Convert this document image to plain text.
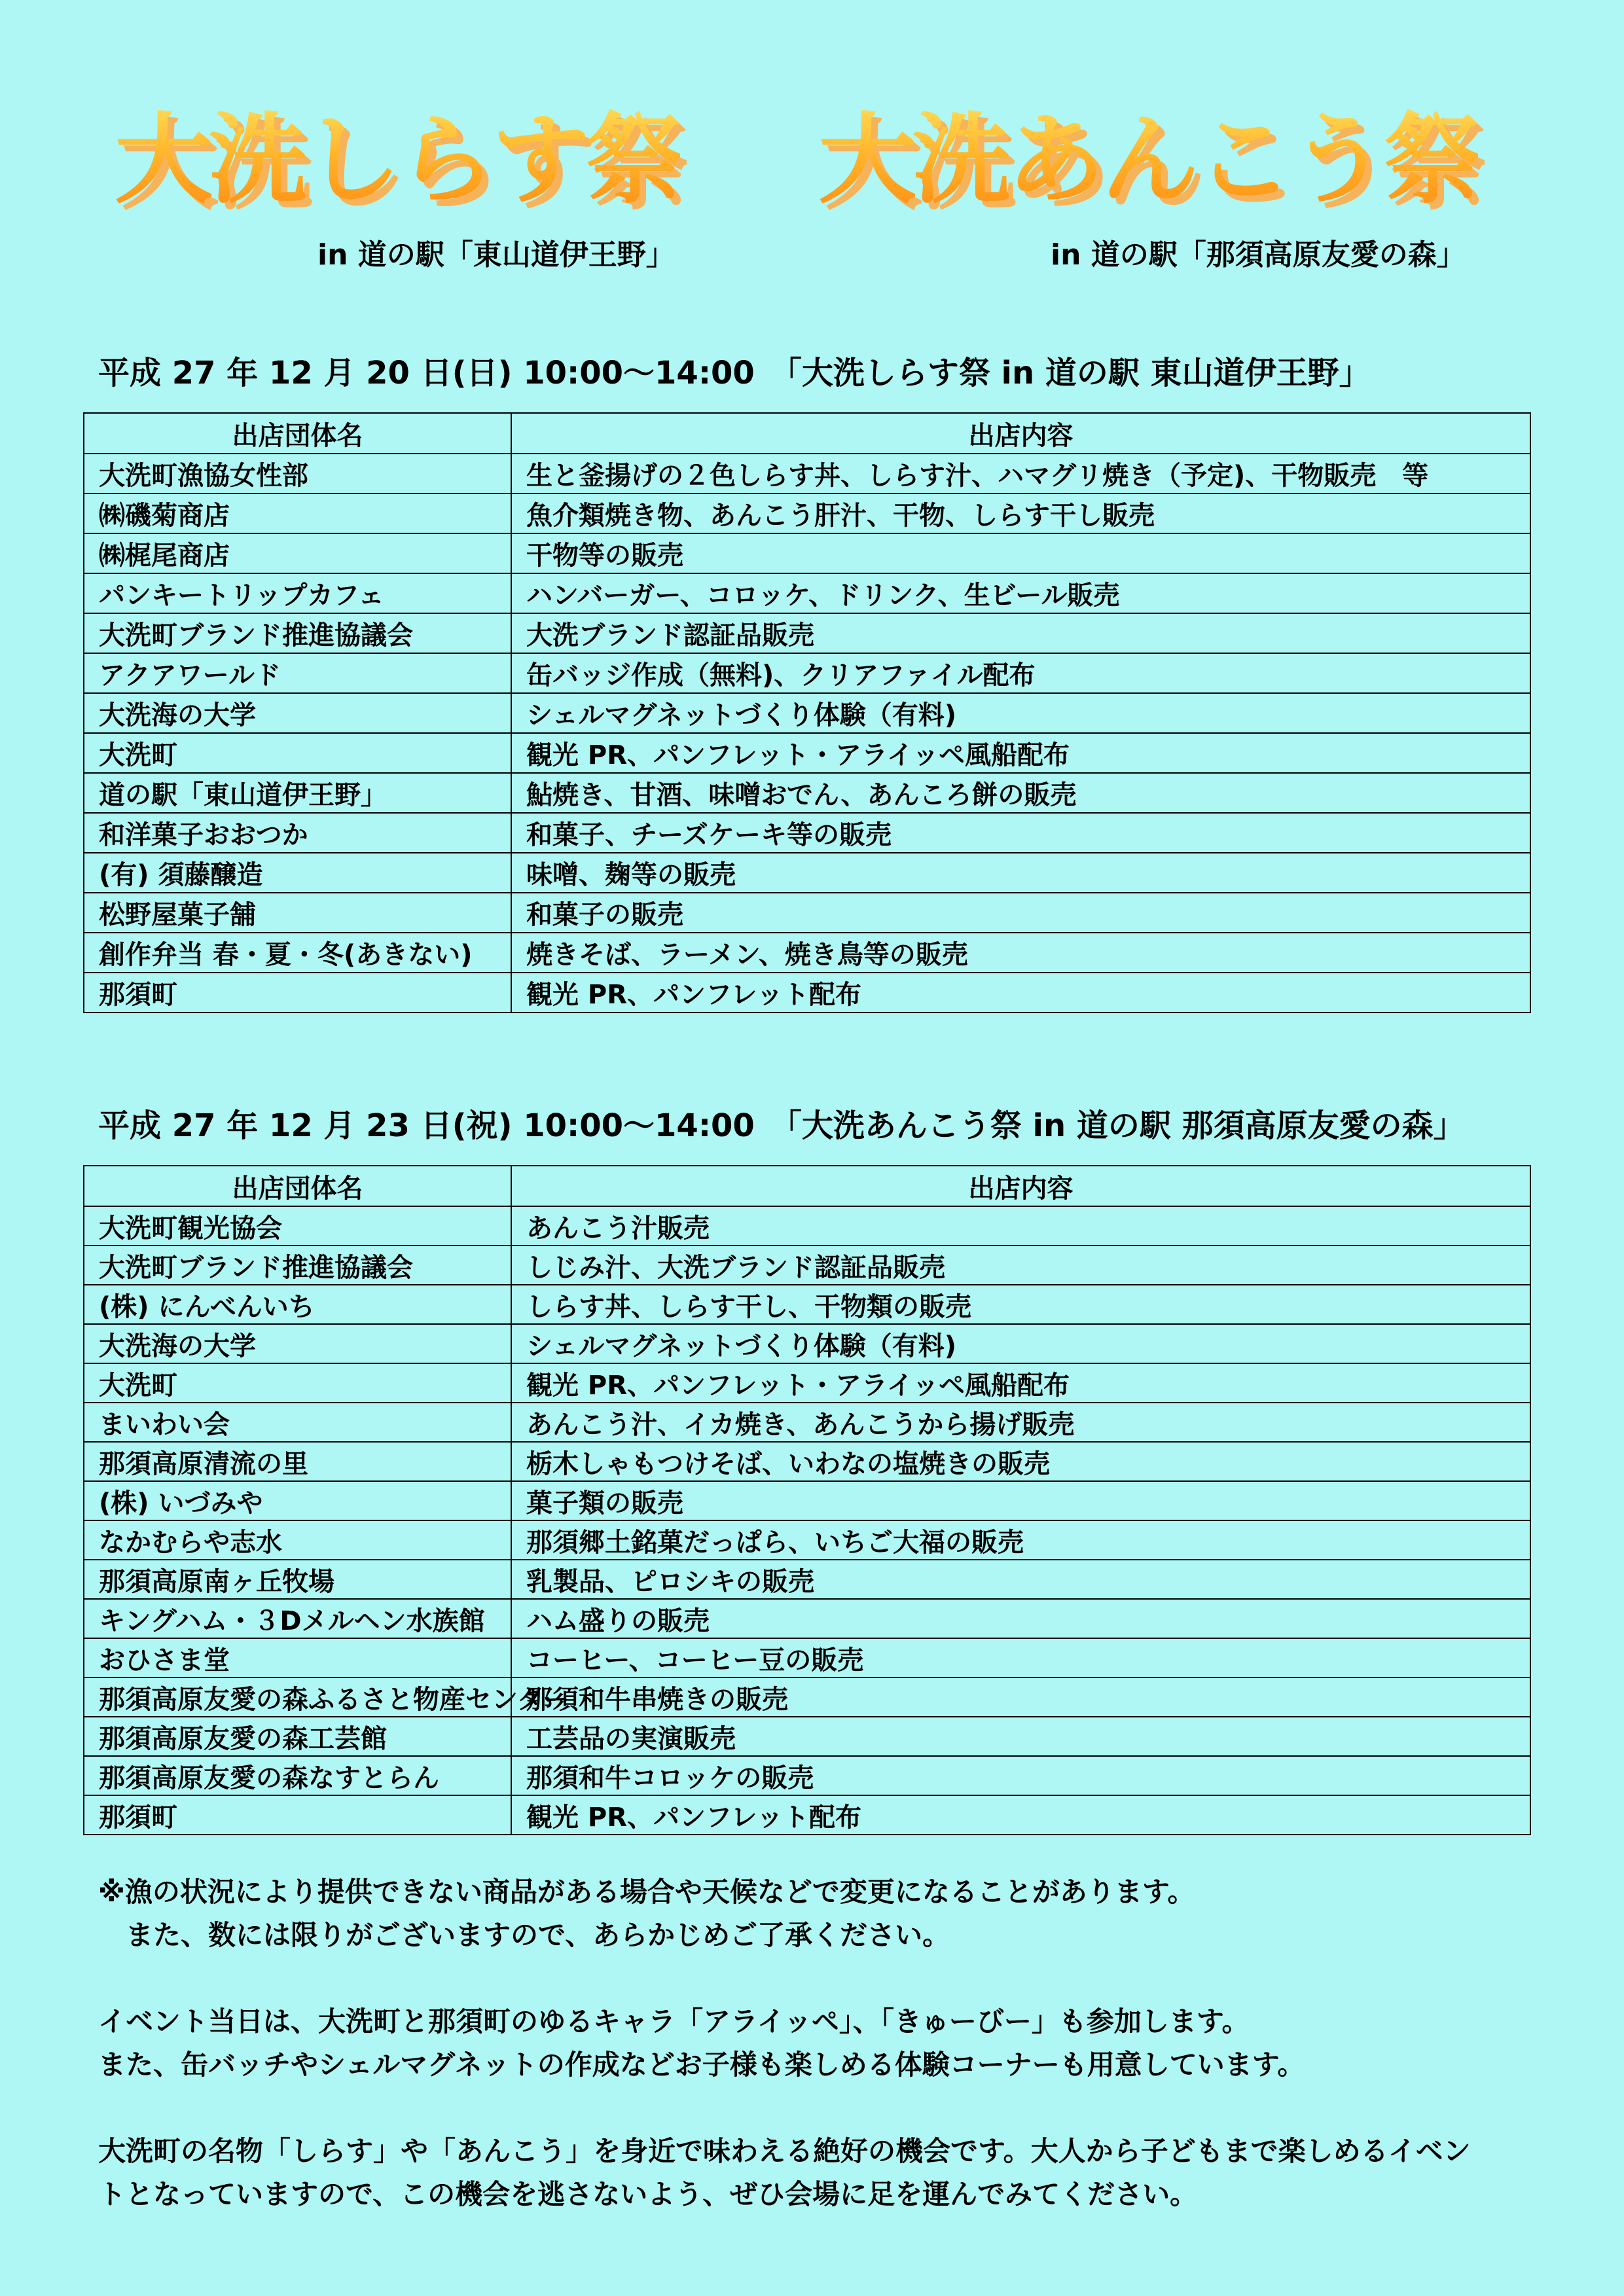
大洗しらす祭 大洗あんこう祭
in 道の駅「東山道伊王野」	in 道の駅「那須高原友愛の森」
平成 27 年 12 月 20 日(日) 10:00～14:00　「大洗しらす祭 in 道の駅 東山道伊王野」
出店団体名	出店内容
大洗町漁協女性部	生と釜揚げの２色しらす丼、しらす汁、ハマグリ焼き（予定)、干物販売　等
㈱磯菊商店	魚介類焼き物、あんこう肝汁、干物、しらす干し販売
㈱梶尾商店	干物等の販売
パンキートリップカフェ	ハンバーガー、コロッケ、ドリンク、生ビール販売
大洗町ブランド推進協議会	大洗ブランド認証品販売
アクアワールド	缶バッジ作成（無料)、クリアファイル配布
大洗海の大学	シェルマグネットづくり体験（有料)
大洗町	観光 PR、パンフレット・アライッペ風船配布
道の駅「東山道伊王野」	鮎焼き、甘酒、味噌おでん、あんころ餅の販売
和洋菓子おおつか	和菓子、チーズケーキ等の販売
(有) 須藤醸造	味噌、麹等の販売
松野屋菓子舗	和菓子の販売
創作弁当 春・夏・冬(あきない)	焼きそば、ラーメン、焼き鳥等の販売
那須町	観光 PR、パンフレット配布
平成 27 年 12 月 23 日(祝) 10:00～14:00　「大洗あんこう祭 in 道の駅 那須高原友愛の森」
出店団体名	出店内容
大洗町観光協会	あんこう汁販売
大洗町ブランド推進協議会	しじみ汁、大洗ブランド認証品販売
(株) にんべんいち	しらす丼、しらす干し、干物類の販売
大洗海の大学	シェルマグネットづくり体験（有料)
大洗町	観光 PR、パンフレット・アライッペ風船配布
まいわい会	あんこう汁、イカ焼き、あんこうから揚げ販売
那須高原清流の里	栃木しゃもつけそば、いわなの塩焼きの販売
(株) いづみや	菓子類の販売
なかむらや志水	那須郷土銘菓だっぱら、いちご大福の販売
那須高原南ヶ丘牧場	乳製品、ピロシキの販売
キングハム・３Dメルヘン水族館	ハム盛りの販売
おひさま堂	コーヒー、コーヒー豆の販売
那須高原友愛の森ふるさと物産センター	那須和牛串焼きの販売
那須高原友愛の森工芸館	工芸品の実演販売
那須高原友愛の森なすとらん	那須和牛コロッケの販売
那須町	観光 PR、パンフレット配布

※漁の状況により提供できない商品がある場合や天候などで変更になることがあります。

　また、数には限りがございますので、あらかじめご了承ください。

イベント当日は、大洗町と那須町のゆるキャラ「アライッペ」、「きゅーびー」も参加します。

また、缶バッチやシェルマグネットの作成などお子様も楽しめる体験コーナーも用意しています。

大洗町の名物「しらす」や「あんこう」を身近で味わえる絶好の機会です。大人から子どもまで楽しめるイベン

トとなっていますので、この機会を逃さないよう、ぜひ会場に足を運んでみてください。
